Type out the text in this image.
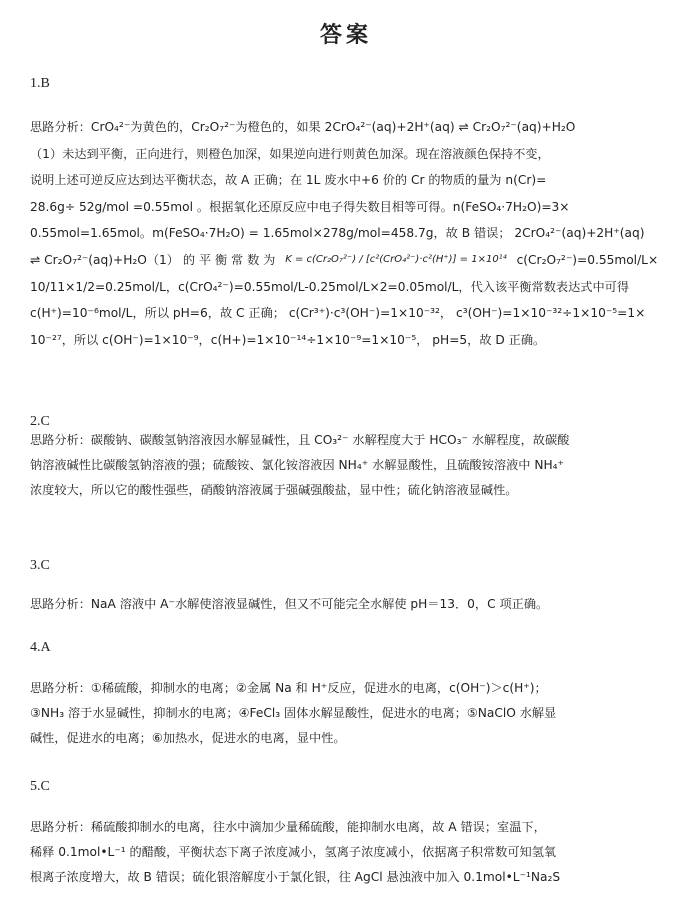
答案
1.B
思路分析：CrO₄²⁻为黄色的，Cr₂O₇²⁻为橙色的，如果 2CrO₄²⁻(aq)+2H⁺(aq) ⇌ Cr₂O₇²⁻(aq)+H₂O
（1）未达到平衡，正向进行，则橙色加深，如果逆向进行则黄色加深。现在溶液颜色保持不变，
说明上述可逆反应达到达平衡状态，故 A 正确；在 1L 废水中+6 价的 Cr 的物质的量为 n(Cr)=
28.6g÷ 52g/mol =0.55mol 。根据氧化还原反应中电子得失数目相等可得。n(FeSO₄·7H₂O)=3×
0.55mol=1.65mol。m(FeSO₄·7H₂O) = 1.65mol×278g/mol=458.7g，故 B 错误； 2CrO₄²⁻(aq)+2H⁺(aq)
⇌ Cr₂O₇²⁻(aq)+H₂O（1） 的 平 衡 常 数 为 K = c(Cr₂O₇²⁻) / [c²(CrO₄²⁻)·c²(H⁺)] = 1×10¹⁴ c(Cr₂O₇²⁻)=0.55mol/L×
10/11×1/2=0.25mol/L，c(CrO₄²⁻)=0.55mol/L-0.25mol/L×2=0.05mol/L，代入该平衡常数表达式中可得
c(H⁺)=10⁻⁶mol/L，所以 pH=6，故 C 正确； c(Cr³⁺)·c³(OH⁻)=1×10⁻³²， c³(OH⁻)=1×10⁻³²÷1×10⁻⁵=1×
10⁻²⁷，所以 c(OH⁻)=1×10⁻⁹，c(H+)=1×10⁻¹⁴÷1×10⁻⁹=1×10⁻⁵， pH=5，故 D 正确。
2.C
思路分析：碳酸钠、碳酸氢钠溶液因水解显碱性，且 CO₃²⁻ 水解程度大于 HCO₃⁻ 水解程度，故碳酸
钠溶液碱性比碳酸氢钠溶液的强；硫酸铵、氯化铵溶液因 NH₄⁺ 水解显酸性，且硫酸铵溶液中 NH₄⁺
浓度较大，所以它的酸性强些，硝酸钠溶液属于强碱强酸盐，显中性；硫化钠溶液显碱性。
3.C
思路分析：NaA 溶液中 A⁻水解使溶液显碱性，但又不可能完全水解使 pH＝13．0，C 项正确。
4.A
思路分析：①稀硫酸，抑制水的电离；②金属 Na 和 H⁺反应，促进水的电离，c(OH⁻)＞c(H⁺)；
③NH₃ 溶于水显碱性，抑制水的电离；④FeCl₃ 固体水解显酸性，促进水的电离；⑤NaClO 水解显
碱性，促进水的电离；⑥加热水，促进水的电离，显中性。
5.C
思路分析：稀硫酸抑制水的电离，往水中滴加少量稀硫酸，能抑制水电离，故 A 错误；室温下，
稀释 0.1mol•L⁻¹ 的醋酸，平衡状态下离子浓度减小，氢离子浓度减小，依据离子积常数可知氢氧
根离子浓度增大，故 B 错误；硫化银溶解度小于氯化银，往 AgCl 悬浊液中加入 0.1mol•L⁻¹Na₂S
